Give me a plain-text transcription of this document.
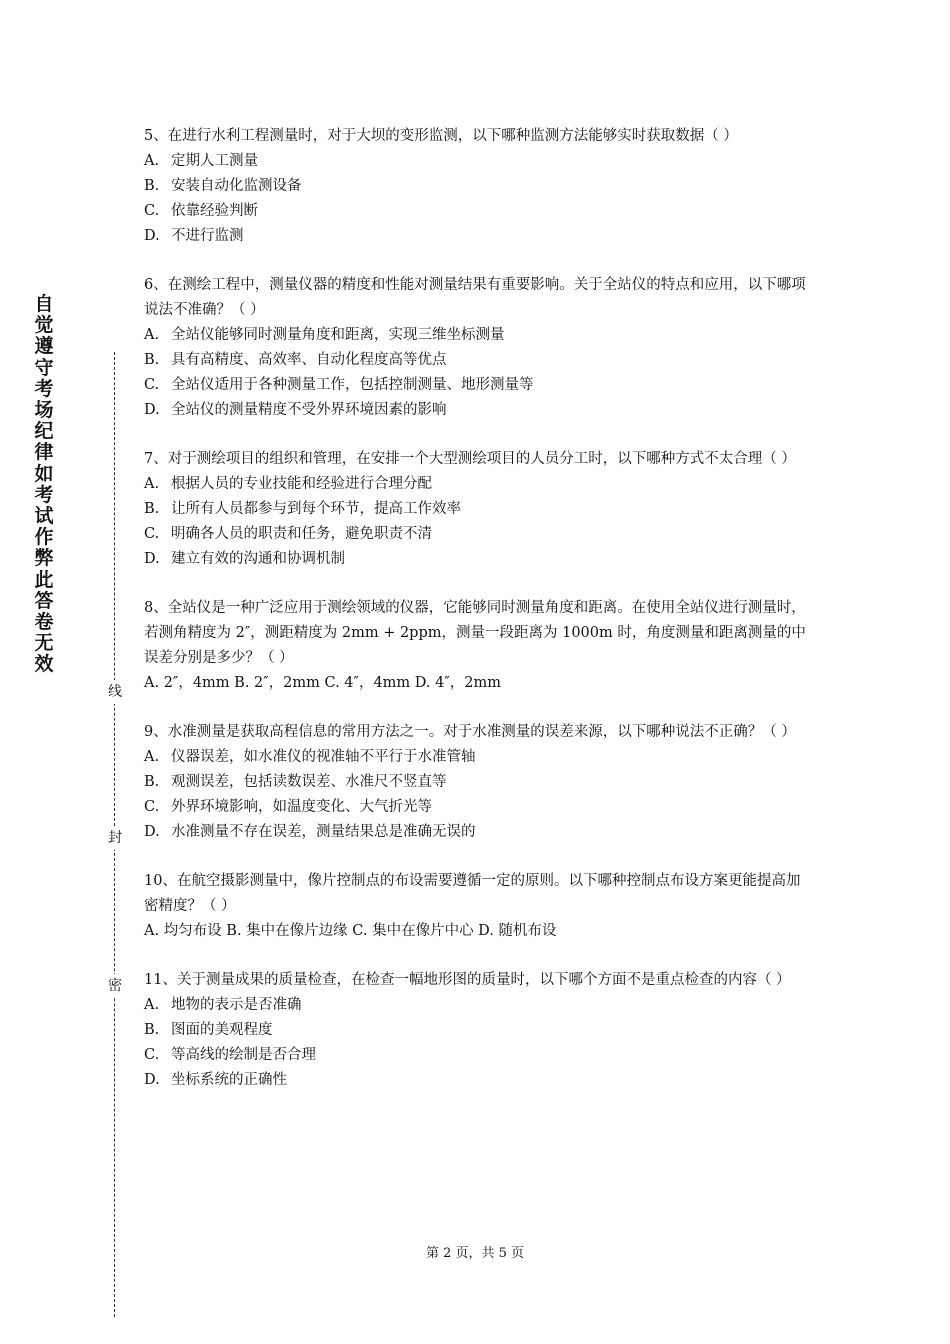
自觉遵守考场纪律如考试作弊此答卷无效
线
封
密

5、在进行水利工程测量时，对于大坝的变形监测，以下哪种监测方法能够实时获取数据（ ）

A. 定期人工测量

B. 安装自动化监测设备

C. 依靠经验判断

D. 不进行监测

6、在测绘工程中，测量仪器的精度和性能对测量结果有重要影响。关于全站仪的特点和应用，以下哪项说法不准确？（ ）

A. 全站仪能够同时测量角度和距离，实现三维坐标测量

B. 具有高精度、高效率、自动化程度高等优点

C. 全站仪适用于各种测量工作，包括控制测量、地形测量等

D. 全站仪的测量精度不受外界环境因素的影响

7、对于测绘项目的组织和管理，在安排一个大型测绘项目的人员分工时，以下哪种方式不太合理（ ）

A. 根据人员的专业技能和经验进行合理分配

B. 让所有人员都参与到每个环节，提高工作效率

C. 明确各人员的职责和任务，避免职责不清

D. 建立有效的沟通和协调机制

8、全站仪是一种广泛应用于测绘领域的仪器，它能够同时测量角度和距离。在使用全站仪进行测量时，若测角精度为 2″，测距精度为 2mm + 2ppm，测量一段距离为 1000m 时，角度测量和距离测量的中误差分别是多少？（ ）

A. 2″，4mm B. 2″，2mm C. 4″，4mm D. 4″，2mm

9、水准测量是获取高程信息的常用方法之一。对于水准测量的误差来源，以下哪种说法不正确？（ ）

A. 仪器误差，如水准仪的视准轴不平行于水准管轴

B. 观测误差，包括读数误差、水准尺不竖直等

C. 外界环境影响，如温度变化、大气折光等

D. 水准测量不存在误差，测量结果总是准确无误的

10、在航空摄影测量中，像片控制点的布设需要遵循一定的原则。以下哪种控制点布设方案更能提高加密精度？（ ）

A. 均匀布设 B. 集中在像片边缘 C. 集中在像片中心 D. 随机布设

11、关于测量成果的质量检查，在检查一幅地形图的质量时，以下哪个方面不是重点检查的内容（ ）

A. 地物的表示是否准确

B. 图面的美观程度

C. 等高线的绘制是否合理

D. 坐标系统的正确性

第 2 页，共 5 页
